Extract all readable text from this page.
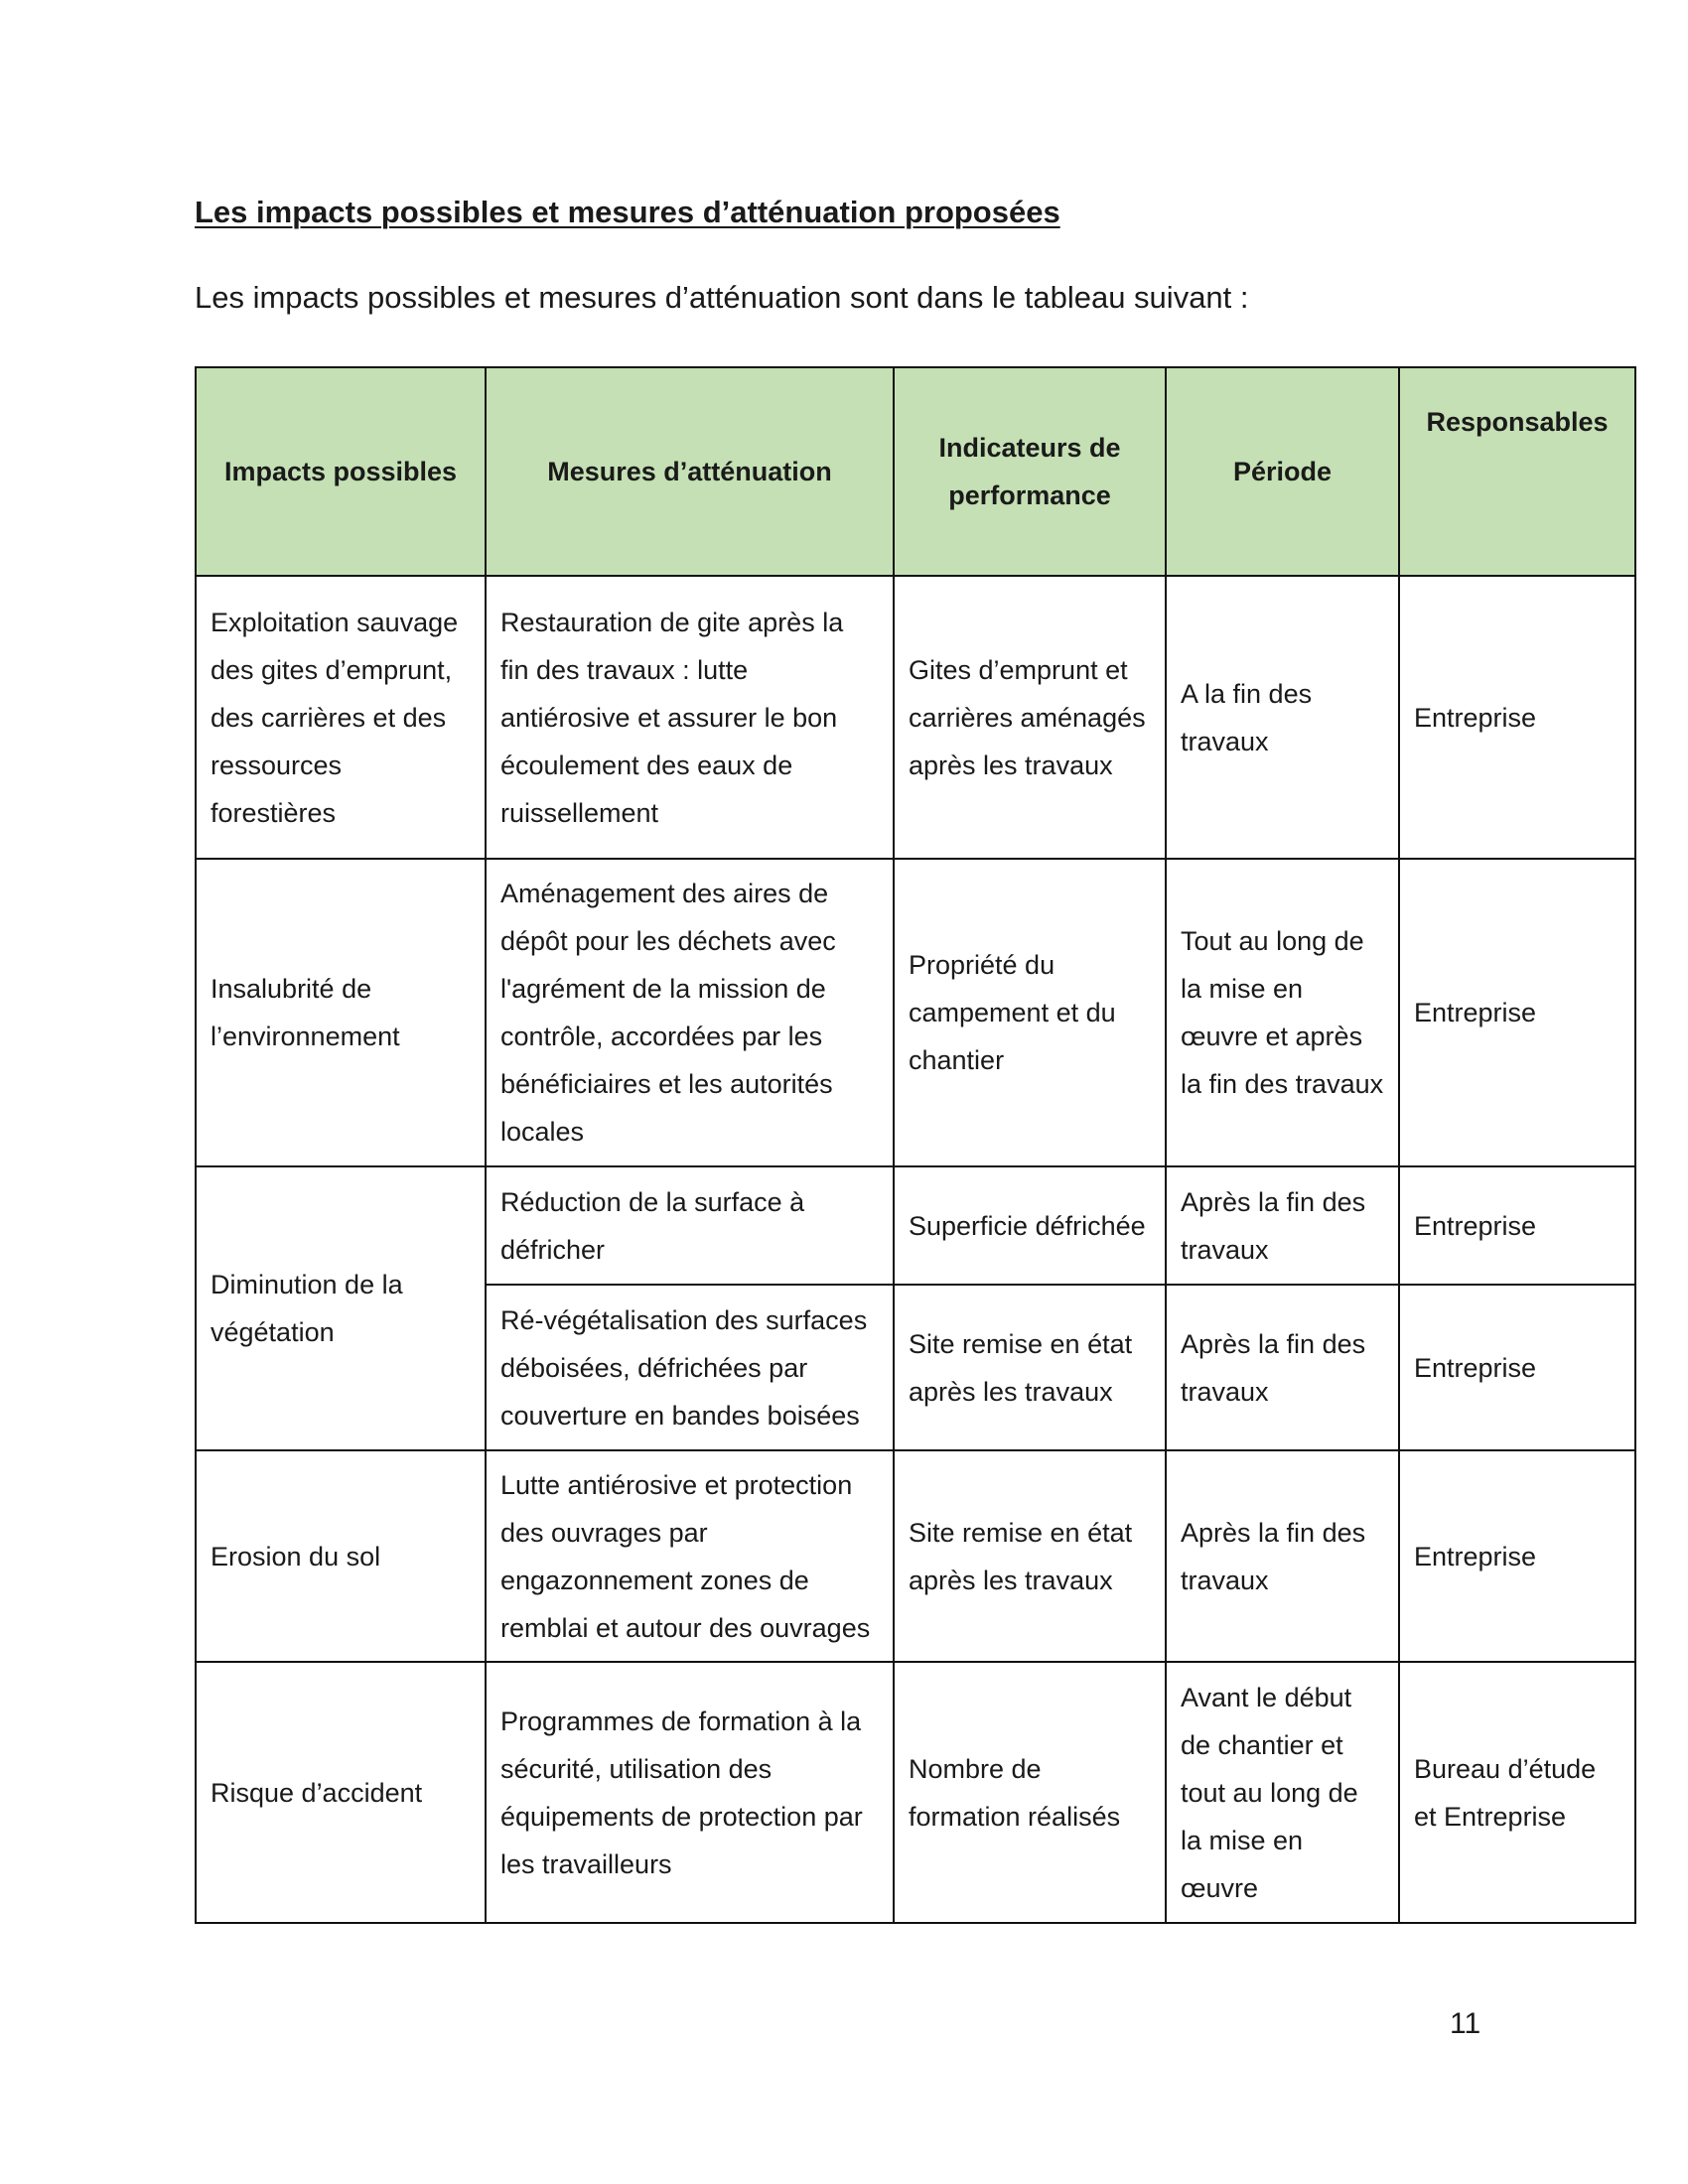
Les impacts possibles et mesures d’atténuation proposées

Les impacts possibles et mesures d’atténuation sont dans le tableau suivant :

Impacts possibles	Mesures d’atténuation	Indicateurs de performance	Période	Responsables
Exploitation sauvage des gites d’emprunt, des carrières et des ressources forestières	Restauration de gite après la fin des travaux : lutte antiérosive et assurer le bon écoulement des eaux de ruissellement	Gites d’emprunt et carrières aménagés après les travaux	A la fin des travaux	Entreprise
Insalubrité de l’environnement	Aménagement des aires de dépôt pour les déchets avec l'agrément de la mission de contrôle, accordées par les bénéficiaires et les autorités locales	Propriété du campement et du chantier	Tout au long de la mise en œuvre et après la fin des travaux	Entreprise
Diminution de la végétation	Réduction de la surface à défricher	Superficie défrichée	Après la fin des travaux	Entreprise
	Ré-végétalisation des surfaces déboisées, défrichées par couverture en bandes boisées	Site remise en état après les travaux	Après la fin des travaux	Entreprise
Erosion du sol	Lutte antiérosive et protection des ouvrages par engazonnement zones de remblai et autour des ouvrages	Site remise en état après les travaux	Après la fin des travaux	Entreprise
Risque d’accident	Programmes de formation à la sécurité, utilisation des équipements de protection par les travailleurs	Nombre de formation réalisés	Avant le début de chantier et tout au long de la mise en œuvre	Bureau d’étude et Entreprise

11
